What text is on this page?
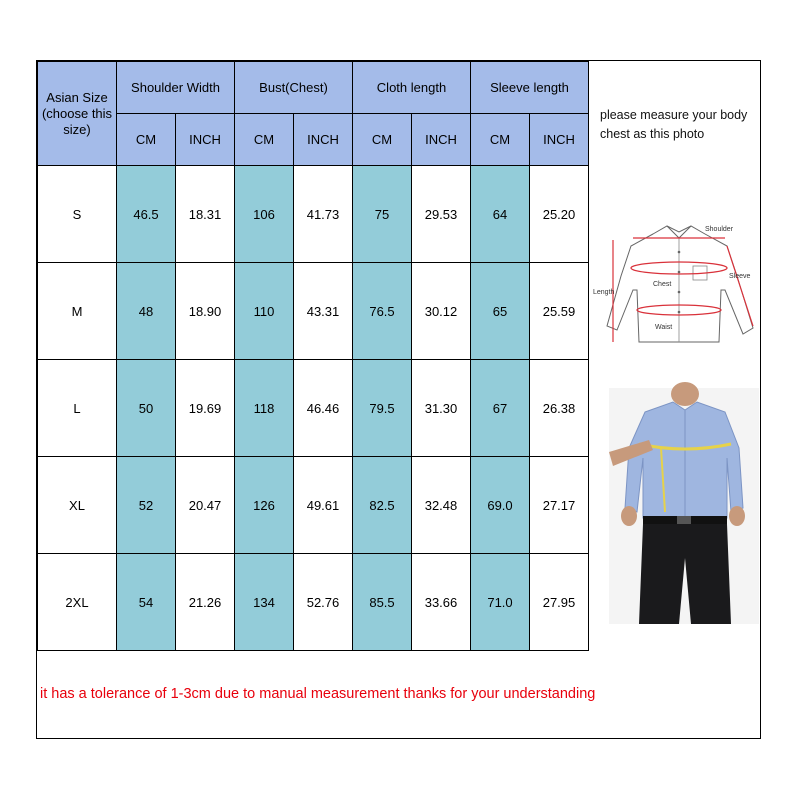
Asian Size (choose this size)	Shoulder Width		Bust(Chest)		Cloth length		Sleeve length	
	CM	INCH	CM	INCH	CM	INCH	CM	INCH
S	46.5	18.31	106	41.73	75	29.53	64	25.20
M	48	18.90	110	43.31	76.5	30.12	65	25.59
L	50	19.69	118	46.46	79.5	31.30	67	26.38
XL	52	20.47	126	49.61	82.5	32.48	69.0	27.17
2XL	54	21.26	134	52.76	85.5	33.66	71.0	27.95
please measure your body chest as this photo
Shoulder
Sleeve
Length
Chest
Waist
it has a tolerance of 1-3cm due to manual measurement thanks for your understanding
